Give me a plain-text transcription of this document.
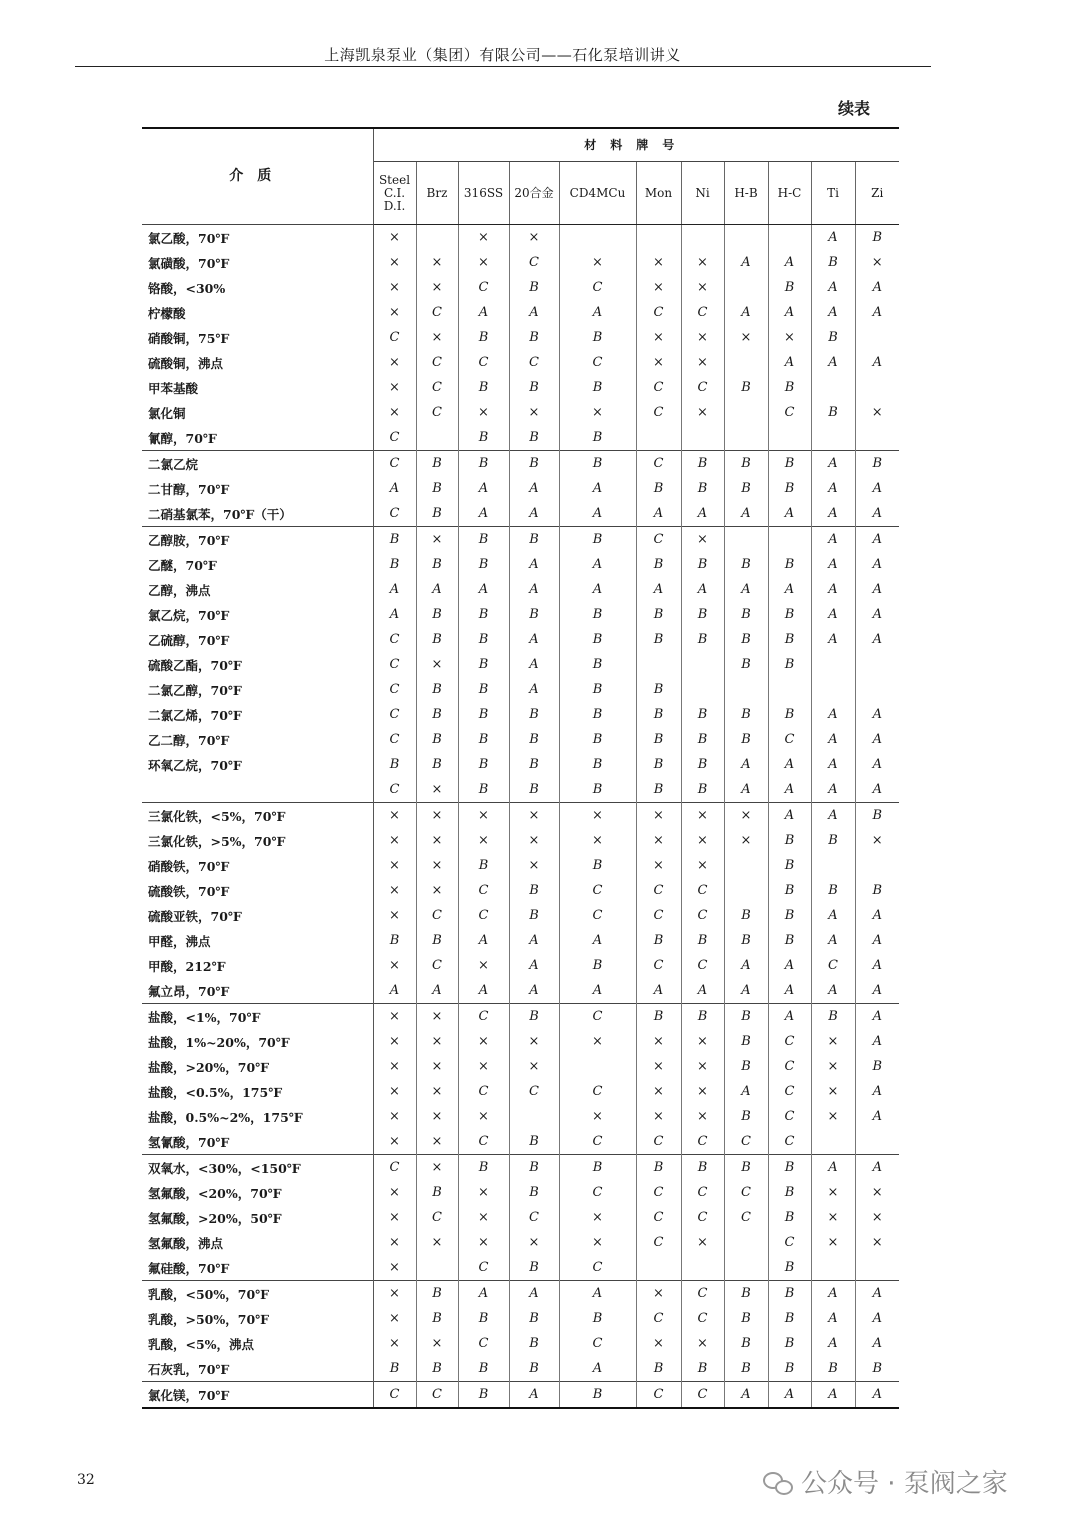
上海凯泉泵业（集团）有限公司——石化泵培训讲义
续表
介质	材料牌号										
	Steel C.I. D.I.	Brz	316SS	20合金	CD4MCu	Mon	Ni	H-B	H-C	Ti	Zi
氯乙酸，70℉	×		×	×						A	B
氯磺酸，70℉	×	×	×	C	×	×	×	A	A	B	×
铬酸，<30%	×	×	C	B	C	×	×		B	A	A
柠檬酸	×	C	A	A	A	C	C	A	A	A	A
硝酸铜，75℉	C	×	B	B	B	×	×	×	×	B	
硫酸铜，沸点	×	C	C	C	C	×	×		A	A	A
甲苯基酸	×	C	B	B	B	C	C	B	B		
氯化铜	×	C	×	×	×	C	×		C	B	×
氰醇，70℉	C		B	B	B						
二氯乙烷	C	B	B	B	B	C	B	B	B	A	B
二甘醇，70℉	A	B	A	A	A	B	B	B	B	A	A
二硝基氯苯，70℉（干）	C	B	A	A	A	A	A	A	A	A	A
乙醇胺，70℉	B	×	B	B	B	C	×			A	A
乙醚，70℉	B	B	B	A	A	B	B	B	B	A	A
乙醇，沸点	A	A	A	A	A	A	A	A	A	A	A
氯乙烷，70℉	A	B	B	B	B	B	B	B	B	A	A
乙硫醇，70℉	C	B	B	A	B	B	B	B	B	A	A
硫酸乙酯，70℉	C	×	B	A	B			B	B		
二氯乙醇，70℉	C	B	B	A	B	B					
二氯乙烯，70℉	C	B	B	B	B	B	B	B	B	A	A
乙二醇，70℉	C	B	B	B	B	B	B	B	C	A	A
环氧乙烷，70℉	B	B	B	B	B	B	B	A	A	A	A
	C	×	B	B	B	B	B	A	A	A	A
三氯化铁，<5%，70℉	×	×	×	×	×	×	×	×	A	A	B
三氯化铁，>5%，70℉	×	×	×	×	×	×	×	×	B	B	×
硝酸铁，70℉	×	×	B	×	B	×	×		B		
硫酸铁，70℉	×	×	C	B	C	C	C		B	B	B
硫酸亚铁，70℉	×	C	C	B	C	C	C	B	B	A	A
甲醛，沸点	B	B	A	A	A	B	B	B	B	A	A
甲酸，212℉	×	C	×	A	B	C	C	A	A	C	A
氟立昂，70℉	A	A	A	A	A	A	A	A	A	A	A
盐酸，<1%，70℉	×	×	C	B	C	B	B	B	A	B	A
盐酸，1%~20%，70℉	×	×	×	×	×	×	×	B	C	×	A
盐酸，>20%，70℉	×	×	×	×		×	×	B	C	×	B
盐酸，<0.5%，175℉	×	×	C	C	C	×	×	A	C	×	A
盐酸，0.5%~2%，175℉	×	×	×		×	×	×	B	C	×	A
氢氰酸，70℉	×	×	C	B	C	C	C	C	C		
双氧水，<30%，<150℉	C	×	B	B	B	B	B	B	B	A	A
氢氟酸，<20%，70℉	×	B	×	B	C	C	C	C	B	×	×
氢氟酸，>20%，50℉	×	C	×	C	×	C	C	C	B	×	×
氢氟酸，沸点	×	×	×	×	×	C	×		C	×	×
氟硅酸，70℉	×		C	B	C				B		
乳酸，<50%，70℉	×	B	A	A	A	×	C	B	B	A	A
乳酸，>50%，70℉	×	B	B	B	B	C	C	B	B	A	A
乳酸，<5%，沸点	×	×	C	B	C	×	×	B	B	A	A
石灰乳，70℉	B	B	B	B	A	B	B	B	B	B	B
氯化镁，70℉	C	C	B	A	B	C	C	A	A	A	A
32	公众号 · 泵阀之家
